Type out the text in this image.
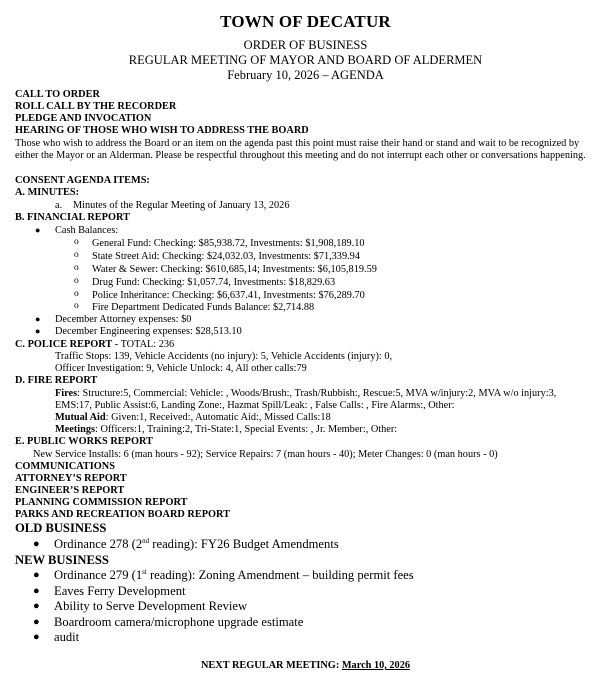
TOWN OF DECATUR
ORDER OF BUSINESS
REGULAR MEETING OF MAYOR AND BOARD OF ALDERMEN
February 10, 2026 – AGENDA
CALL TO ORDER
ROLL CALL BY THE RECORDER
PLEDGE AND INVOCATION
HEARING OF THOSE WHO WISH TO ADDRESS THE BOARD
Those who wish to address the Board or an item on the agenda past this point must raise their hand or stand and wait to be recognized by either the Mayor or an Alderman. Please be respectful throughout this meeting and do not interrupt each other or conversations happening.
CONSENT AGENDA ITEMS:
A. MINUTES:
a. Minutes of the Regular Meeting of January 13, 2026
B. FINANCIAL REPORT
● Cash Balances:
o General Fund: Checking: $85,938.72, Investments: $1,908,189.10
o State Street Aid: Checking: $24,032.03, Investments: $71,339.94
o Water & Sewer: Checking: $610,685,14; Investments: $6,105,819.59
o Drug Fund: Checking: $1,057.74, Investments: $18,829.63
o Police Inheritance: Checking: $6,637.41, Investments: $76,289.70
o Fire Department Dedicated Funds Balance: $2,714.88
● December Attorney expenses: $0
● December Engineering expenses: $28,513.10
C. POLICE REPORT - TOTAL: 236
Traffic Stops: 139, Vehicle Accidents (no injury): 5, Vehicle Accidents (injury): 0,
Officer Investigation: 9, Vehicle Unlock: 4, All other calls:79
D. FIRE REPORT
Fires: Structure:5, Commercial: Vehicle: , Woods/Brush:, Trash/Rubbish:, Rescue:5, MVA w/injury:2, MVA w/o injury:3,
EMS:17, Public Assist:6, Landing Zone:, Hazmat Spill/Leak: , False Calls: , Fire Alarms:, Other:
Mutual Aid: Given:1, Received:, Automatic Aid:, Missed Calls:18
Meetings: Officers:1, Training:2, Tri-State:1, Special Events: , Jr. Member:, Other:
E. PUBLIC WORKS REPORT
New Service Installs: 6 (man hours - 92); Service Repairs: 7 (man hours - 40); Meter Changes: 0 (man hours - 0)
COMMUNICATIONS
ATTORNEY’S REPORT
ENGINEER’S REPORT
PLANNING COMMISSION REPORT
PARKS AND RECREATION BOARD REPORT
OLD BUSINESS
● Ordinance 278 (2nd reading): FY26 Budget Amendments
NEW BUSINESS
● Ordinance 279 (1st reading): Zoning Amendment – building permit fees
● Eaves Ferry Development
● Ability to Serve Development Review
● Boardroom camera/microphone upgrade estimate
● audit
NEXT REGULAR MEETING: March 10, 2026
